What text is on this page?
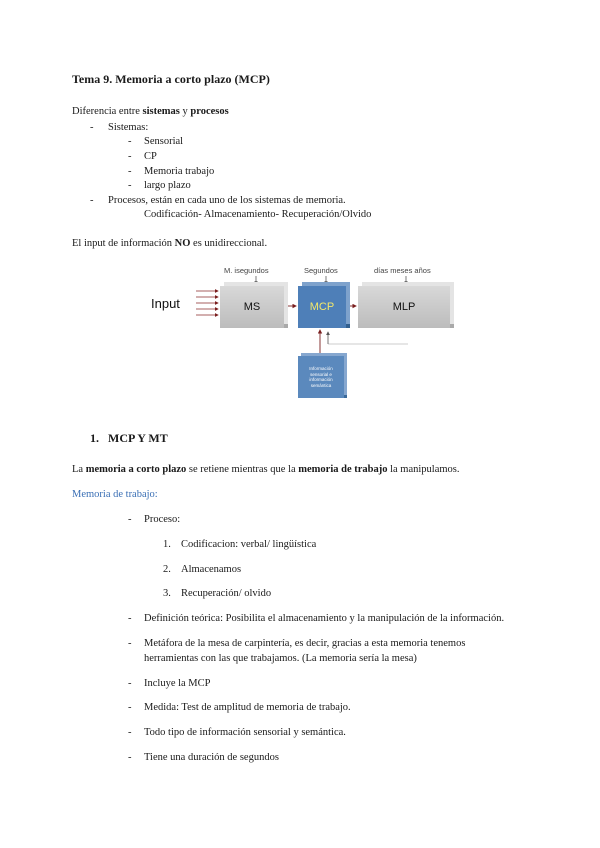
Tema 9. Memoria a corto plazo (MCP)
Diferencia entre sistemas y procesos
- Sistemas:
- Sensorial
- CP
- Memoria trabajo
- largo plazo
- Procesos, están en cada uno de los sistemas de memoria.
Codificación- Almacenamiento- Recuperación/Olvido
El input de información NO es unidireccional.
Input
M. isegundos	Segundos	días meses años
MS	MCP	MLP
Información sensorial e información semántica
1. MCP Y MT
La memoria a corto plazo se retiene mientras que la memoria de trabajo la manipulamos.
Memoria de trabajo:
- Proceso:
1. Codificacion: verbal/ lingüística
2. Almacenamos
3. Recuperación/ olvido
- Definición teórica: Posibilita el almacenamiento y la manipulación de la información.
- Metáfora de la mesa de carpintería, es decir, gracias a esta memoria tenemos
herramientas con las que trabajamos. (La memoria sería la mesa)
- Incluye la MCP
- Medida: Test de amplitud de memoria de trabajo.
- Todo tipo de información sensorial y semántica.
- Tiene una duración de segundos
